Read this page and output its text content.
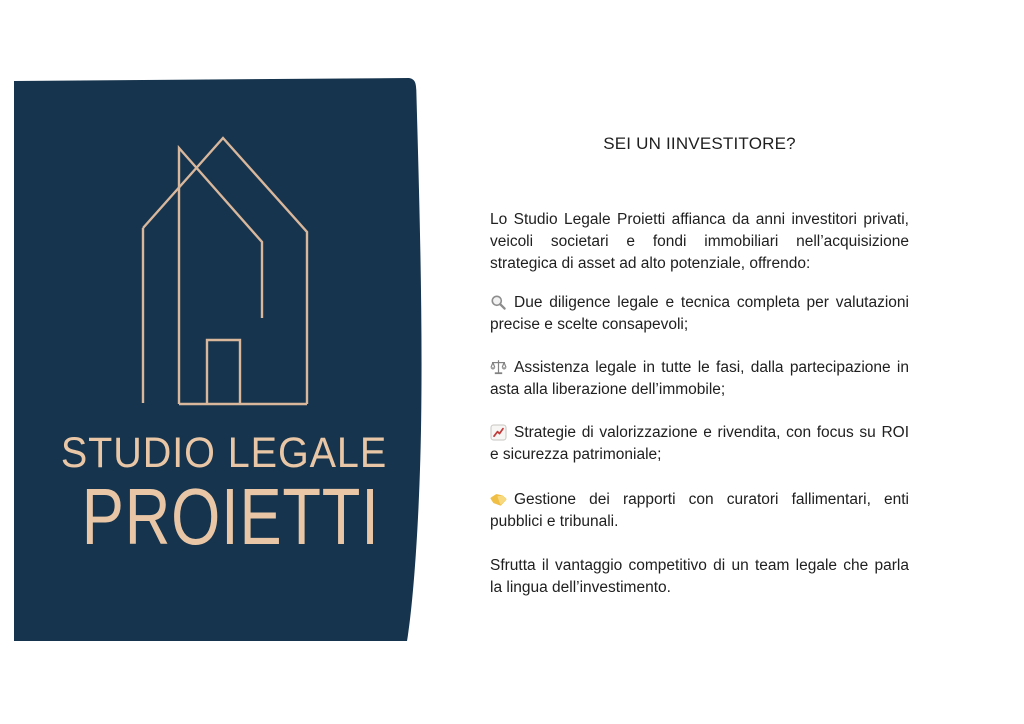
STUDIO LEGALE
PROIETTI
SEI UN IINVESTITORE?
Lo Studio Legale Proietti affianca da anni investitori privati,
veicoli societari e fondi immobiliari nell’acquisizione
strategica di asset ad alto potenziale, offrendo:
Due diligence legale e tecnica completa per valutazioni
precise e scelte consapevoli;
Assistenza legale in tutte le fasi, dalla partecipazione in
asta alla liberazione dell’immobile;
Strategie di valorizzazione e rivendita, con focus su ROI
e sicurezza patrimoniale;
Gestione dei rapporti con curatori fallimentari, enti
pubblici e tribunali.
Sfrutta il vantaggio competitivo di un team legale che parla
la lingua dell’investimento.
